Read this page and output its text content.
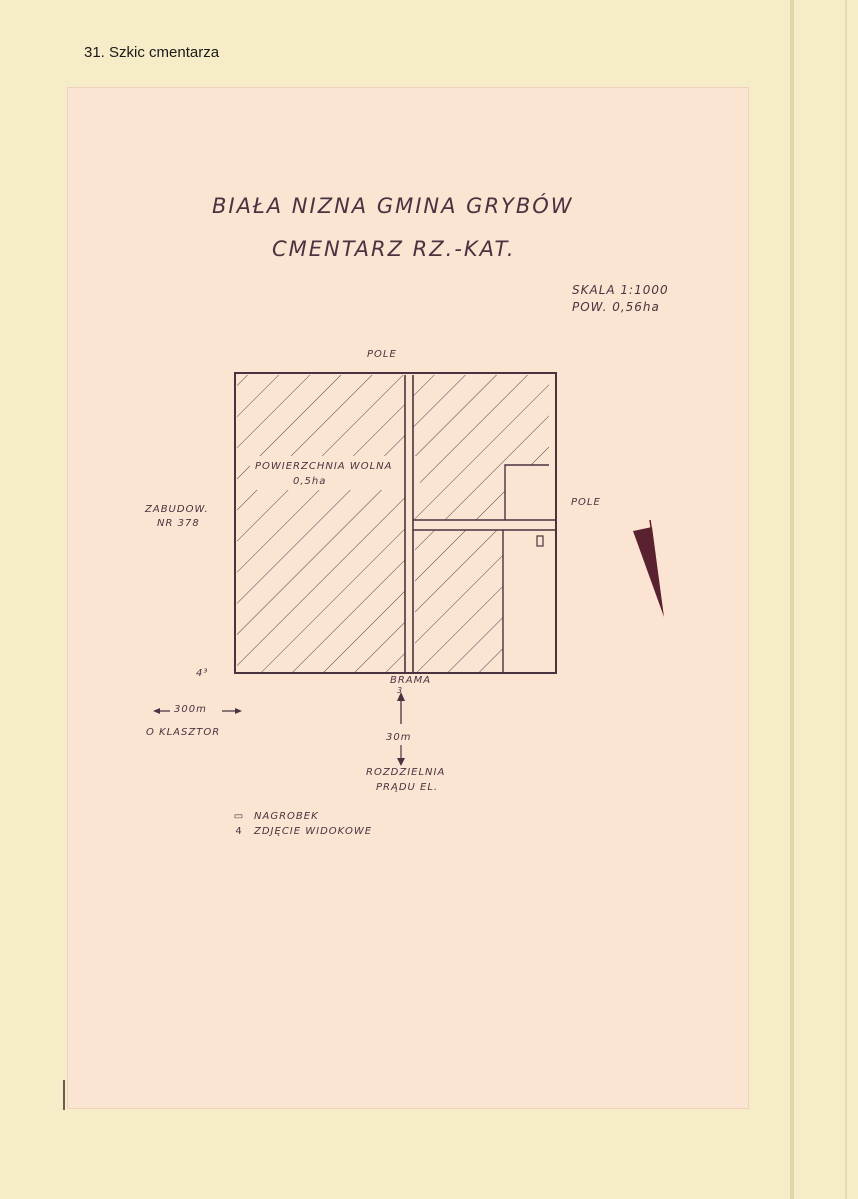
31. Szkic cmentarza

BIAŁA NIZNA GMINA GRYBÓW

CMENTARZ RZ.-KAT.

SKALA 1:1000
POW. 0,56ha
POLE
POLE
ZABUDOW.
NR 378
POWIERZCHNIA WOLNA
0,5ha
3
4³
BRAMA
300m
O KLASZTOR	30m
ROZDZIELNIA
PRĄDU EL.
▭ NAGROBEK
4	ZDJĘCIE WIDOKOWE
